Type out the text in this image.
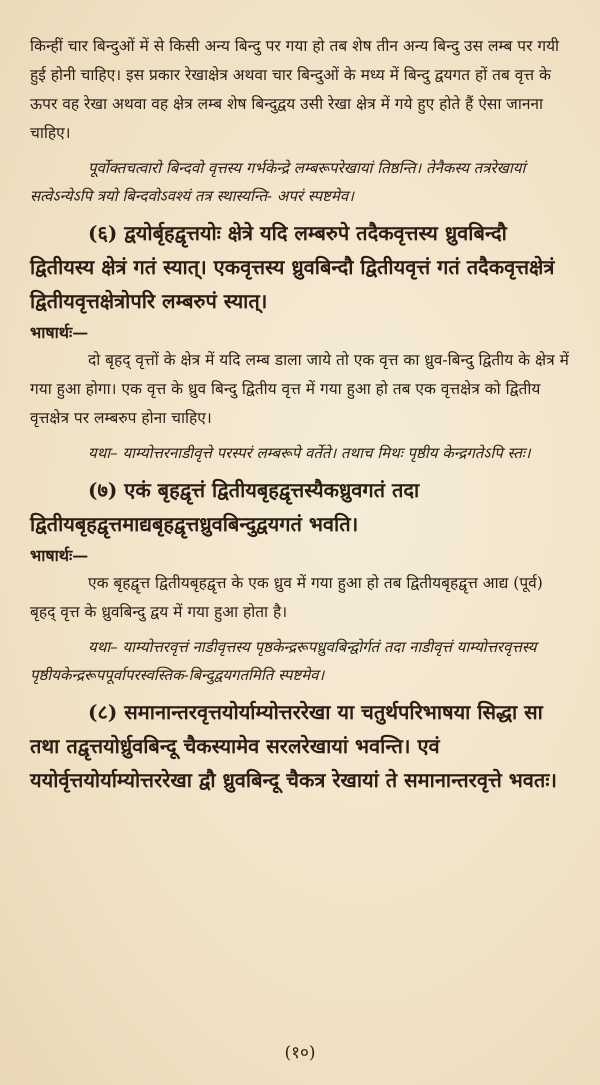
किन्हीं चार बिन्दुओं में से किसी अन्य बिन्दु पर गया हो तब शेष तीन अन्य बिन्दु उस लम्ब पर गयी हुई होनी चाहिए। इस प्रकार रेखाक्षेत्र अथवा चार बिन्दुओं के मध्य में बिन्दु द्वयगत हों तब वृत्त के ऊपर वह रेखा अथवा वह क्षेत्र लम्ब शेष बिन्दुद्वय उसी रेखा क्षेत्र में गये हुए होते हैं ऐसा जानना चाहिए।

पूर्वोक्तचत्वारो बिन्दवो वृत्तस्य गर्भकेन्द्रे लम्बरूपरेखायां तिष्ठन्ति। तेनैकस्य तत्ररेखायां सत्वेऽन्येऽपि त्रयो बिन्दवोऽवश्यं तत्र स्थास्यन्ति- अपरं स्पष्टमेव।

(६) द्वयोर्बृहद्वृत्तयोः क्षेत्रे यदि लम्बरुपे तदैकवृत्तस्य ध्रुवबिन्दौ द्वितीयस्य क्षेत्रं गतं स्यात्। एकवृत्तस्य ध्रुवबिन्दौ द्वितीयवृत्तं गतं तदैकवृत्तक्षेत्रं द्वितीयवृत्तक्षेत्रोपरि लम्बरुपं स्यात्।

भाषार्थः—

दो बृहद् वृत्तों के क्षेत्र में यदि लम्ब डाला जाये तो एक वृत्त का ध्रुव-बिन्दु द्वितीय के क्षेत्र में गया हुआ होगा। एक वृत्त के ध्रुव बिन्दु द्वितीय वृत्त में गया हुआ हो तब एक वृत्तक्षेत्र को द्वितीय वृत्तक्षेत्र पर लम्बरुप होना चाहिए।

यथा– याम्योत्तरनाडीवृत्ते परस्परं लम्बरूपे वर्तेते। तथाच मिथः पृष्ठीय केन्द्रगतेऽपि स्तः।

(७) एकं बृहद्वृत्तं द्वितीयबृहद्वृत्तस्यैकध्रुवगतं तदा द्वितीयबृहद्वृत्तमाद्यबृहद्वृत्तध्रुवबिन्दुद्वयगतं भवति।

भाषार्थः—

एक बृहद्वृत्त द्वितीयबृहद्वृत्त के एक ध्रुव में गया हुआ हो तब द्वितीयबृहद्वृत्त आद्य (पूर्व) बृहद् वृत्त के ध्रुवबिन्दु द्वय में गया हुआ होता है।

यथा– याम्योत्तरवृत्तं नाडीवृत्तस्य पृष्ठकेन्द्ररूपध्रुवबिन्द्वोर्गतं तदा नाडीवृत्तं याम्योत्तरवृत्तस्य पृष्ठीयकेन्द्ररूपपूर्वापरस्वस्तिक-बिन्दुद्वयगतमिति स्पष्टमेव।

(८) समानान्तरवृत्तयोर्याम्योत्तररेखा या चतुर्थपरिभाषया सिद्धा सा तथा तद्वृत्तयोर्ध्रुवबिन्दू चैकस्यामेव सरलरेखायां भवन्ति। एवं ययोर्वृत्तयोर्याम्योत्तररेखा द्वौ ध्रुवबिन्दू चैकत्र रेखायां ते समानान्तरवृत्ते भवतः।

(१०)
